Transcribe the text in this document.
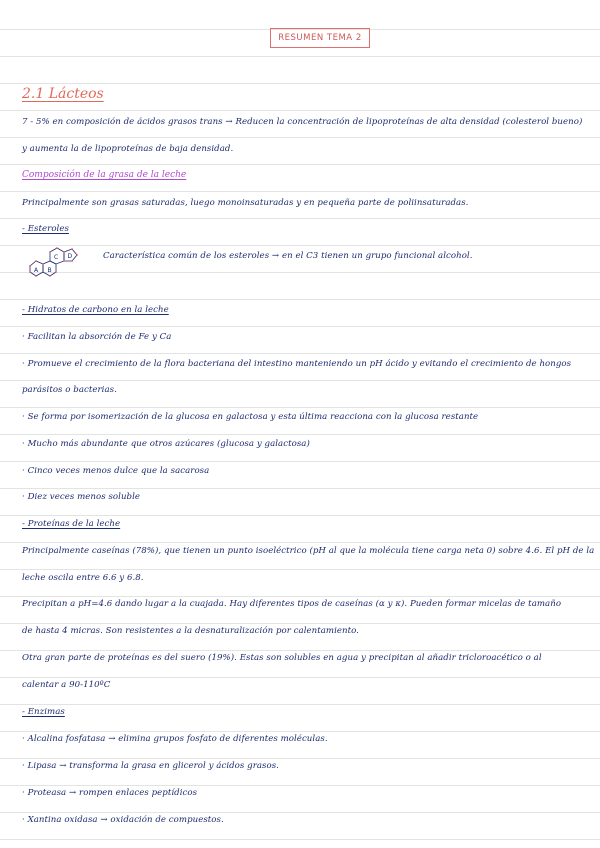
RESUMEN TEMA 2
2.1 Lácteos
7 - 5% en composición de ácidos grasos trans → Reducen la concentración de lipoproteínas de alta densidad (colesterol bueno)
y aumenta la de lipoproteínas de baja densidad.
Composición de la grasa de la leche
Principalmente son grasas saturadas, luego monoinsaturadas y en pequeña parte de poliinsaturadas.
- Esteroles
A B
C D	Característica común de los esteroles → en el C3 tienen un grupo funcional alcohol.
- Hidratos de carbono en la leche
· Facilitan la absorción de Fe y Ca
· Promueve el crecimiento de la flora bacteriana del intestino manteniendo un pH ácido y evitando el crecimiento de hongos
parásitos o bacterias.
· Se forma por isomerización de la glucosa en galactosa y esta última reacciona con la glucosa restante
· Mucho más abundante que otros azúcares (glucosa y galactosa)
· Cinco veces menos dulce que la sacarosa
· Diez veces menos soluble
- Proteínas de la leche
Principalmente caseínas (78%), que tienen un punto isoeléctrico (pH al que la molécula tiene carga neta 0) sobre 4.6. El pH de la
leche oscila entre 6.6 y 6.8.
Precipitan a pH=4.6 dando lugar a la cuajada. Hay diferentes tipos de caseínas (α y κ). Pueden formar micelas de tamaño
de hasta 4 micras. Son resistentes a la desnaturalización por calentamiento.
Otra gran parte de proteínas es del suero (19%). Estas son solubles en agua y precipitan al añadir tricloroacético o al
calentar a 90-110ºC
- Enzimas
· Alcalina fosfatasa → elimina grupos fosfato de diferentes moléculas.
· Lipasa → transforma la grasa en glicerol y ácidos grasos.
· Proteasa → rompen enlaces peptídicos
· Xantina oxidasa → oxidación de compuestos.
